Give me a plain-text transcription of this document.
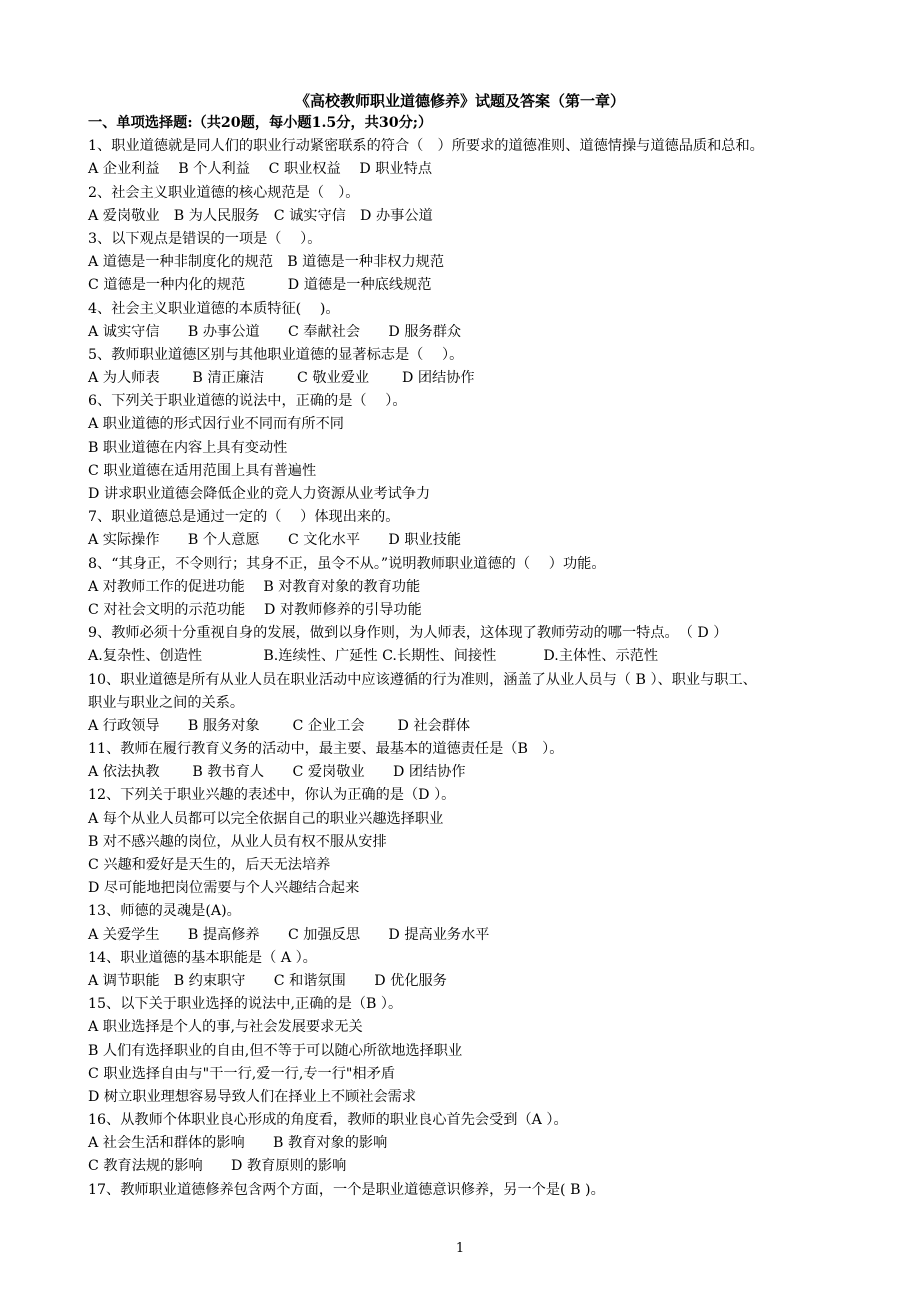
《高校教师职业道德修养》试题及答案（第一章）
一、单项选择题:（共20题，每小题1.5分，共30分;）
1、职业道德就是同人们的职业行动紧密联系的符合（　）所要求的道德准则、道德情操与道德品质和总和。
A 企业利益　 B 个人利益　 C 职业权益　 D 职业特点
2、社会主义职业道德的核心规范是（　）。
A 爱岗敬业　B 为人民服务　C 诚实守信　D 办事公道
3、以下观点是错误的一项是（　 ）。
A 道德是一种非制度化的规范　B 道德是一种非权力规范
C 道德是一种内化的规范　　　D 道德是一种底线规范
4、社会主义职业道德的本质特征(　 )。
A 诚实守信　　B 办事公道　　C 奉献社会　　D 服务群众
5、教师职业道德区别与其他职业道德的显著标志是（　 ）。
A 为人师表　　 B 清正廉洁　　 C 敬业爱业　　 D 团结协作
6、下列关于职业道德的说法中，正确的是（　 ）。
A 职业道德的形式因行业不同而有所不同
B 职业道德在内容上具有变动性
C 职业道德在适用范围上具有普遍性
D 讲求职业道德会降低企业的竞人力资源从业考试争力
7、职业道德总是通过一定的（　 ）体现出来的。
A 实际操作　　B 个人意愿　　C 文化水平　　D 职业技能
8、“其身正，不令则行；其身不正，虽令不从。”说明教师职业道德的（　 ）功能。
A 对教师工作的促进功能　 B 对教育对象的教育功能
C 对社会文明的示范功能　 D 对教师修养的引导功能
9、教师必须十分重视自身的发展，做到以身作则，为人师表，这体现了教师劳动的哪一特点。　（ D ）
A.复杂性、创造性　　　　 B.连续性、广延性 C.长期性、间接性　　　 D.主体性、示范性
10、职业道德是所有从业人员在职业活动中应该遵循的行为准则，涵盖了从业人员与（ B ）、职业与职工、
职业与职业之间的关系。
A 行政领导　　B 服务对象　　 C 企业工会　　 D 社会群体
11、教师在履行教育义务的活动中，最主要、最基本的道德责任是（B　）。
A 依法执教　　 B 教书育人　　C 爱岗敬业　　D 团结协作
12、下列关于职业兴趣的表述中，你认为正确的是（D ）。
A 每个从业人员都可以完全依据自己的职业兴趣选择职业
B 对不感兴趣的岗位，从业人员有权不服从安排
C 兴趣和爱好是天生的，后天无法培养
D 尽可能地把岗位需要与个人兴趣结合起来
13、师德的灵魂是(A)。
A 关爱学生　　B 提高修养　　C 加强反思　　D 提高业务水平
14、职业道德的基本职能是（ A ）。
A 调节职能　B 约束职守　　C 和谐氛围　　D 优化服务
15、以下关于职业选择的说法中,正确的是（B ）。
A 职业选择是个人的事,与社会发展要求无关
B 人们有选择职业的自由,但不等于可以随心所欲地选择职业
C 职业选择自由与"干一行,爱一行,专一行"相矛盾
D 树立职业理想容易导致人们在择业上不顾社会需求
16、从教师个体职业良心形成的角度看，教师的职业良心首先会受到（A ）。
A 社会生活和群体的影响　　B 教育对象的影响
C 教育法规的影响　　D 教育原则的影响
17、教师职业道德修养包含两个方面，一个是职业道德意识修养，另一个是( B )。
1
